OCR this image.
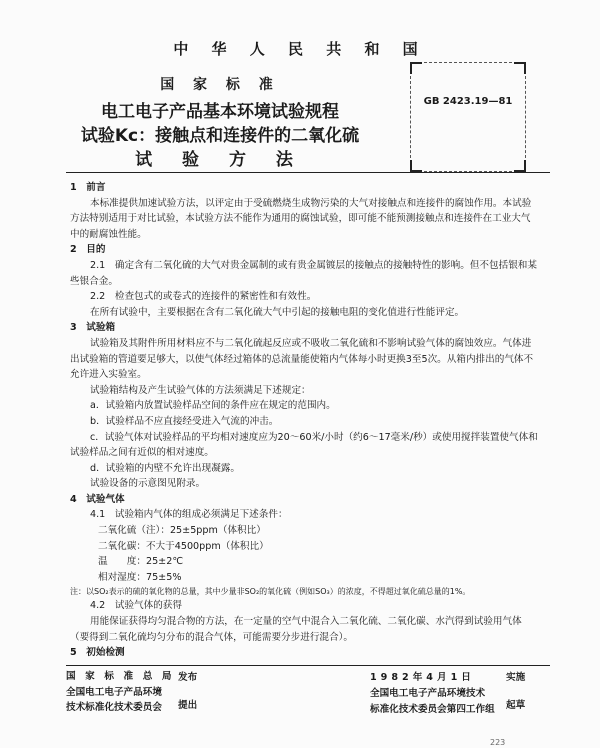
中 华 人 民 共 和 国
国 家 标 准
电工电子产品基本环境试验规程
试验Kc：接触点和连接件的二氧化硫
试 验 方 法
GB 2423.19—81

1　前言

本标准提供加速试验方法，以评定由于受硫燃烧生成物污染的大气对接触点和连接件的腐蚀作用。本试验方法特别适用于对比试验，本试验方法不能作为通用的腐蚀试验，即可能不能预测接触点和连接件在工业大气中的耐腐蚀性能。

2　目的

2.1　确定含有二氧化硫的大气对贵金属制的或有贵金属镀层的接触点的接触特性的影响。但不包括银和某些银合金。

2.2　检查包式的或卷式的连接件的紧密性和有效性。

在所有试验中，主要根据在含有二氧化硫大气中引起的接触电阻的变化值进行性能评定。

3　试验箱

试验箱及其附件所用材料应不与二氧化硫起反应或不吸收二氧化硫和不影响试验气体的腐蚀效应。气体进出试验箱的管道要足够大，以使气体经过箱体的总流量能使箱内气体每小时更换3至5次。从箱内排出的气体不允许进入实验室。

试验箱结构及产生试验气体的方法须满足下述规定：

a．试验箱内放置试验样品空间的条件应在规定的范围内。

b．试验样品不应直接经受进入气流的冲击。

c．试验气体对试验样品的平均相对速度应为20～60米/小时（约6～17毫米/秒）或使用搅拌装置使气体和试验样品之间有近似的相对速度。

d．试验箱的内壁不允许出现凝露。

试验设备的示意图见附录。

4　试验气体

4.1　试验箱内气体的组成必须满足下述条件：

二氧化硫（注）：25±5ppm（体积比）

二氧化碳：不大于4500ppm（体积比）

温　　度：25±2℃

相对湿度：75±5%

注：以SO₂表示的硫的氧化物的总量，其中少量非SO₂的氧化硫（例如SO₃）的浓度，不得超过氧化硫总量的1%。

4.2　试验气体的获得

用能保证获得均匀混合物的方法，在一定量的空气中混合入二氧化硫、二氧化碳、水汽得到试验用气体（要得到二氧化硫均匀分布的混合气体，可能需要分步进行混合）。

5　初始检测

国　家　标　准　总　局
全国电工电子产品环境
技术标准化技术委员会
发布
提出
1982年4月1日	实施
全国电工电子产品环境技术
标准化技术委员会第四工作组 起草
223
